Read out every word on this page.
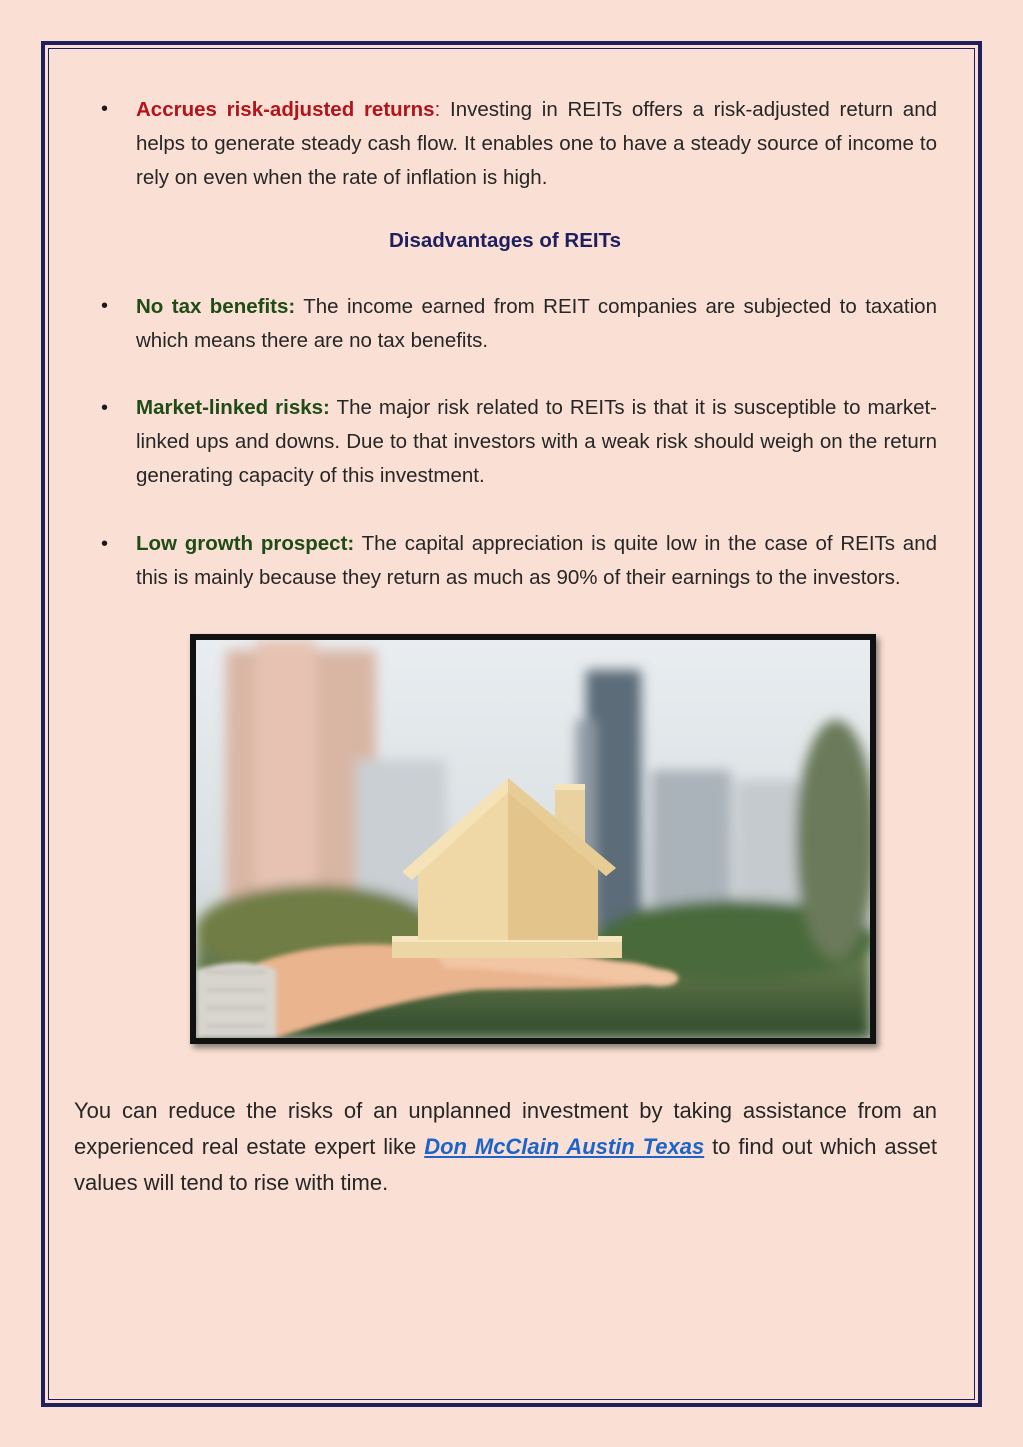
• Accrues risk-adjusted returns: Investing in REITs offers a risk-adjusted return and helps to generate steady cash flow. It enables one to have a steady source of income to rely on even when the rate of inflation is high.

Disadvantages of REITs
• No tax benefits: The income earned from REIT companies are subjected to taxation which means there are no tax benefits.

• Market-linked risks: The major risk related to REITs is that it is susceptible to market-linked ups and downs. Due to that investors with a weak risk should weigh on the return generating capacity of this investment.

• Low growth prospect: The capital appreciation is quite low in the case of REITs and this is mainly because they return as much as 90% of their earnings to the investors.

You can reduce the risks of an unplanned investment by taking assistance from an experienced real estate expert like Don McClain Austin Texas to find out which asset values will tend to rise with time.
